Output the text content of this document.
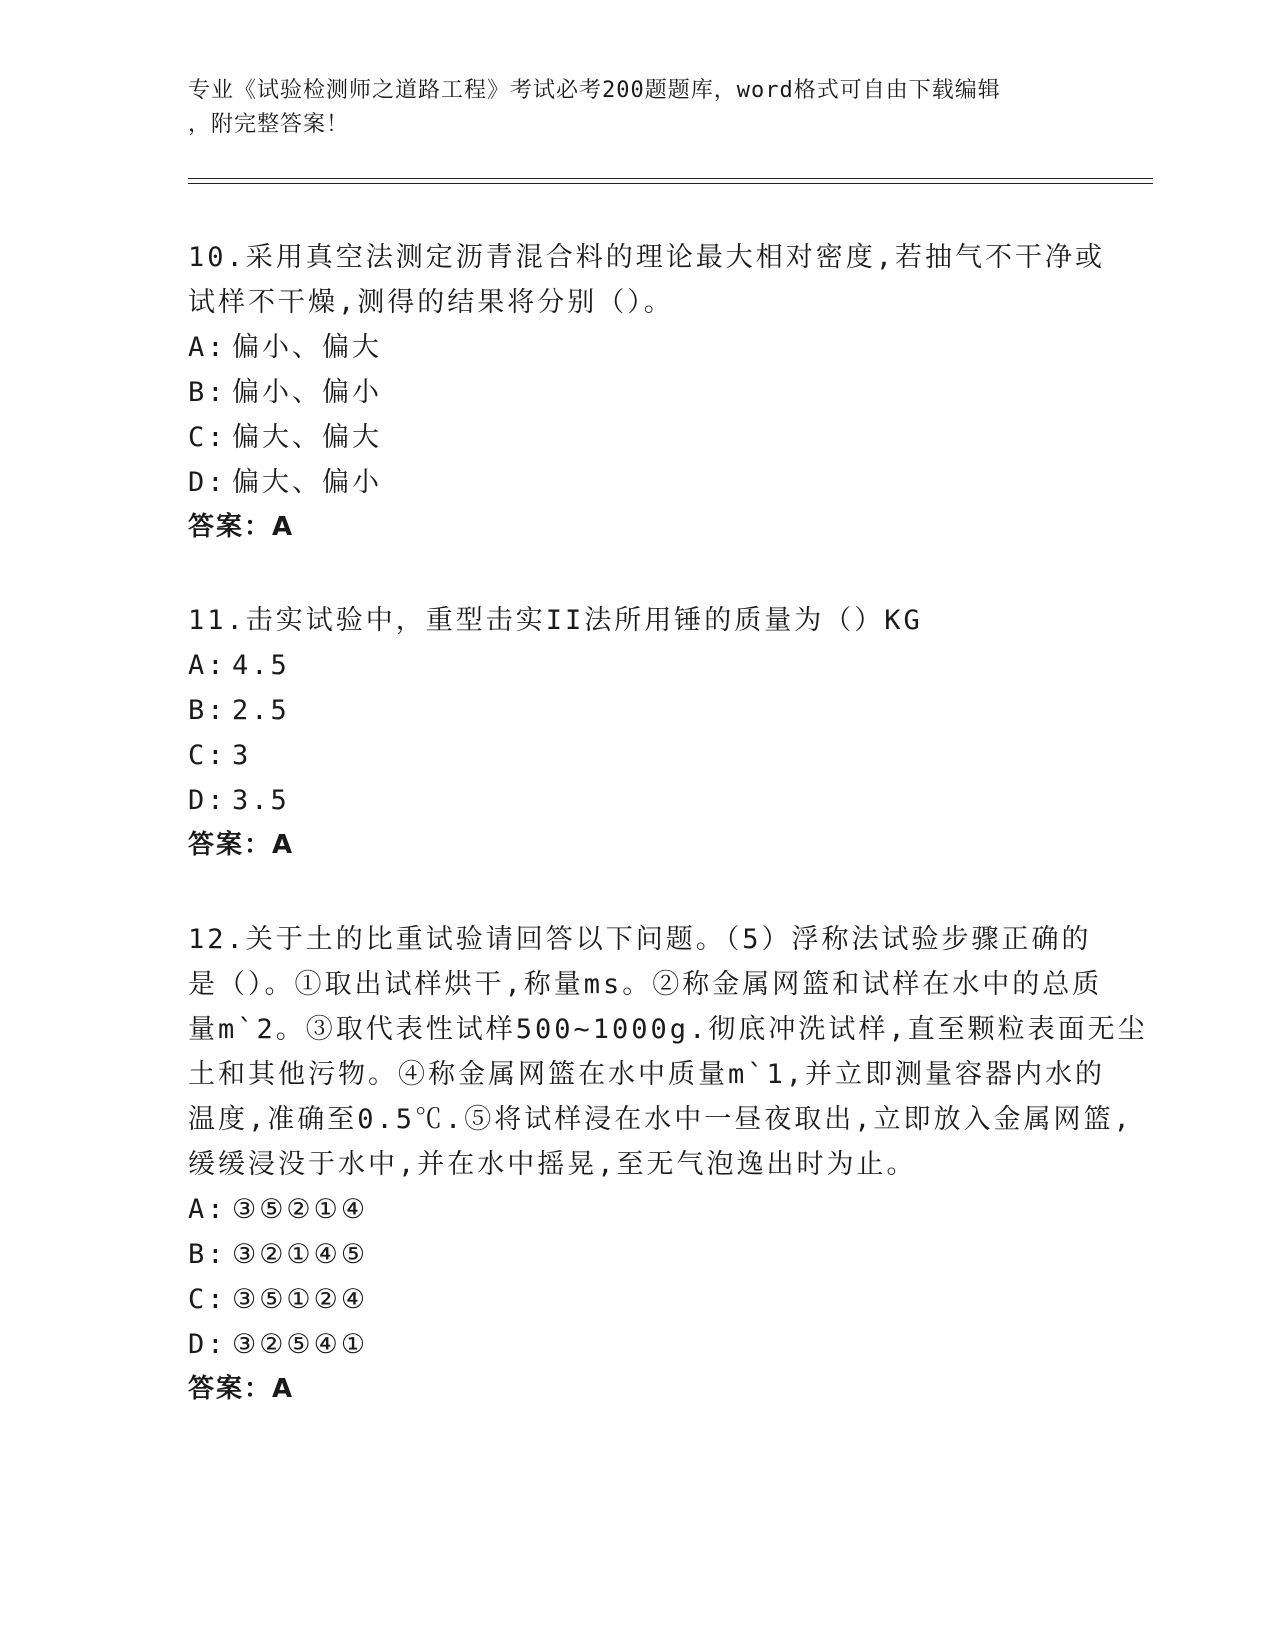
专业《试验检测师之道路工程》考试必考200题题库，word格式可自由下载编辑
，附完整答案！
10.采用真空法测定沥青混合料的理论最大相对密度,若抽气不干净或
试样不干燥,测得的结果将分别（）。
A: 偏小、偏大
B: 偏小、偏小
C: 偏大、偏大
D: 偏大、偏小
答案：A
11.击实试验中，重型击实II法所用锤的质量为（）KG
A: 4.5
B: 2.5
C: 3
D: 3.5
答案：A
12.关于土的比重试验请回答以下问题。（5）浮称法试验步骤正确的
是（）。①取出试样烘干,称量ms。②称金属网篮和试样在水中的总质
量m`2。③取代表性试样500~1000g.彻底冲洗试样,直至颗粒表面无尘
土和其他污物。④称金属网篮在水中质量m`1,并立即测量容器内水的
温度,准确至0.5℃.⑤将试样浸在水中一昼夜取出,立即放入金属网篮,
缓缓浸没于水中,并在水中摇晃,至无气泡逸出时为止。
A: ③⑤②①④
B: ③②①④⑤
C: ③⑤①②④
D: ③②⑤④①
答案：A
